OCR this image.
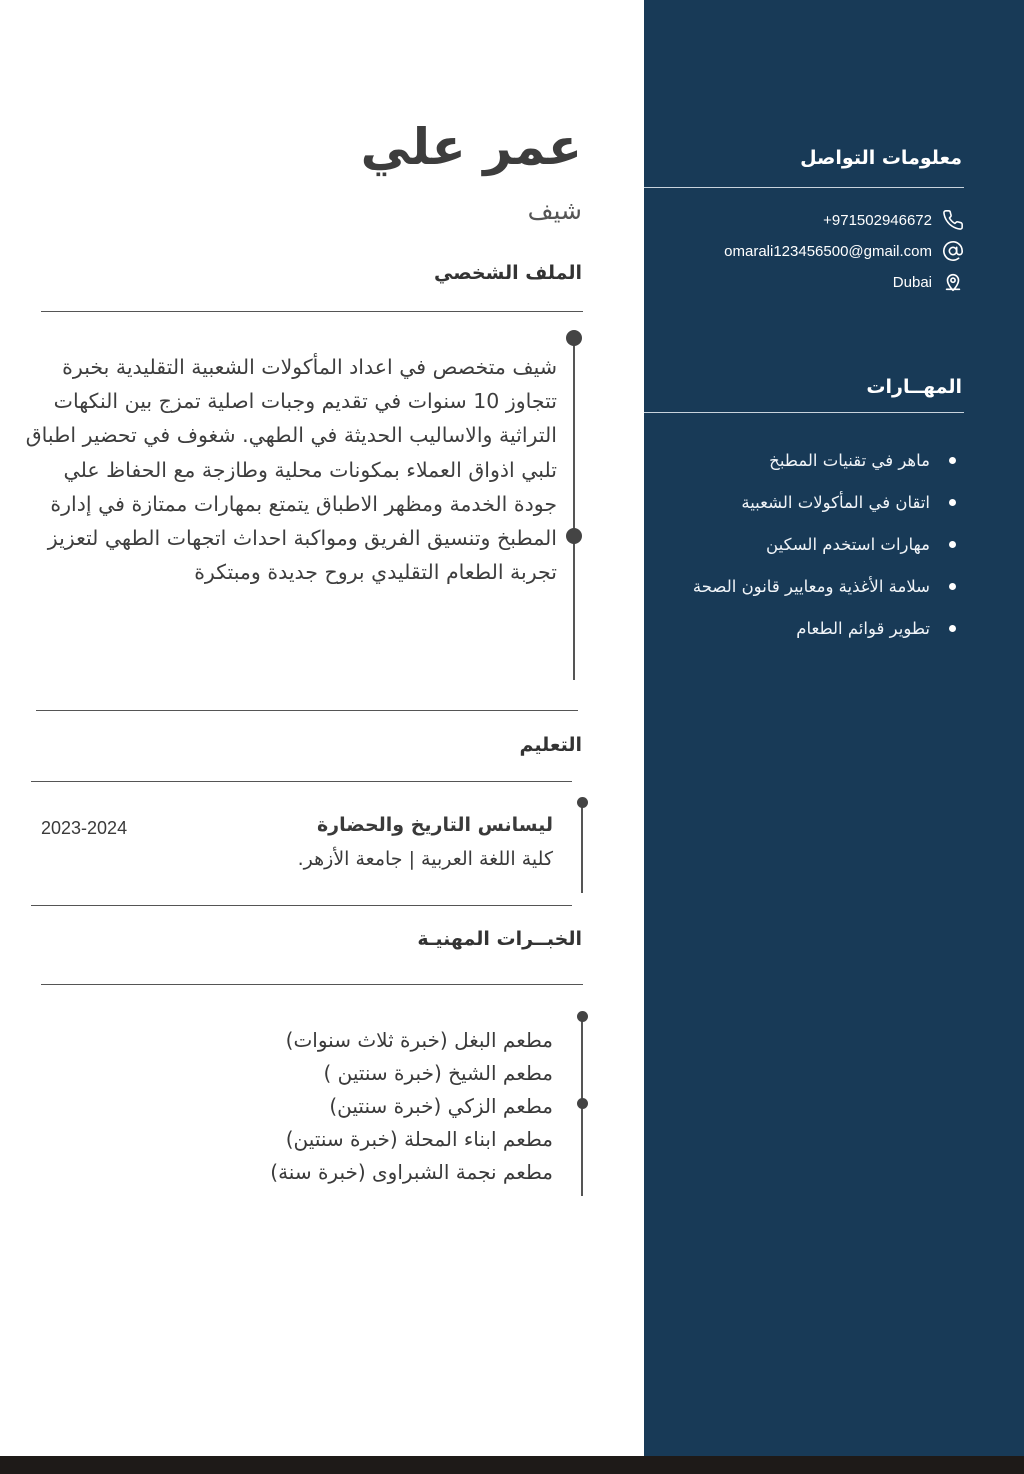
عمر علي
شيف
الملف الشخصي
شيف متخصص في اعداد المأكولات الشعبية التقليدية بخبرة تتجاوز 10 سنوات في تقديم وجبات اصلية تمزج بين النكهات التراثية والاساليب الحديثة في الطهي. شغوف في تحضير اطباق تلبي اذواق العملاء بمكونات محلية وطازجة مع الحفاظ علي جودة الخدمة ومظهر الاطباق يتمتع بمهارات ممتازة في إدارة المطبخ وتنسيق الفريق ومواكبة احداث اتجهات الطهي لتعزيز تجربة الطعام التقليدي بروح جديدة ومبتكرة
التعليم
ليسانس التاريخ والحضارة
2023-2024
كلية اللغة العربية | جامعة الأزهر.
الخبــرات المهنيـة
مطعم البغل (خبرة ثلاث سنوات)
مطعم الشيخ (خبرة سنتين )
مطعم الزكي (خبرة سنتين)
مطعم ابناء المحلة (خبرة سنتين)
مطعم نجمة الشبراوى (خبرة سنة)
معلومات التواصل
+971502946672
omarali123456500@gmail.com
Dubai
المهــارات
ماهر في تقنيات المطبخ
اتقان في المأكولات الشعبية
مهارات استخدم السكين
سلامة الأغذية ومعايير قانون الصحة
تطوير قوائم الطعام
